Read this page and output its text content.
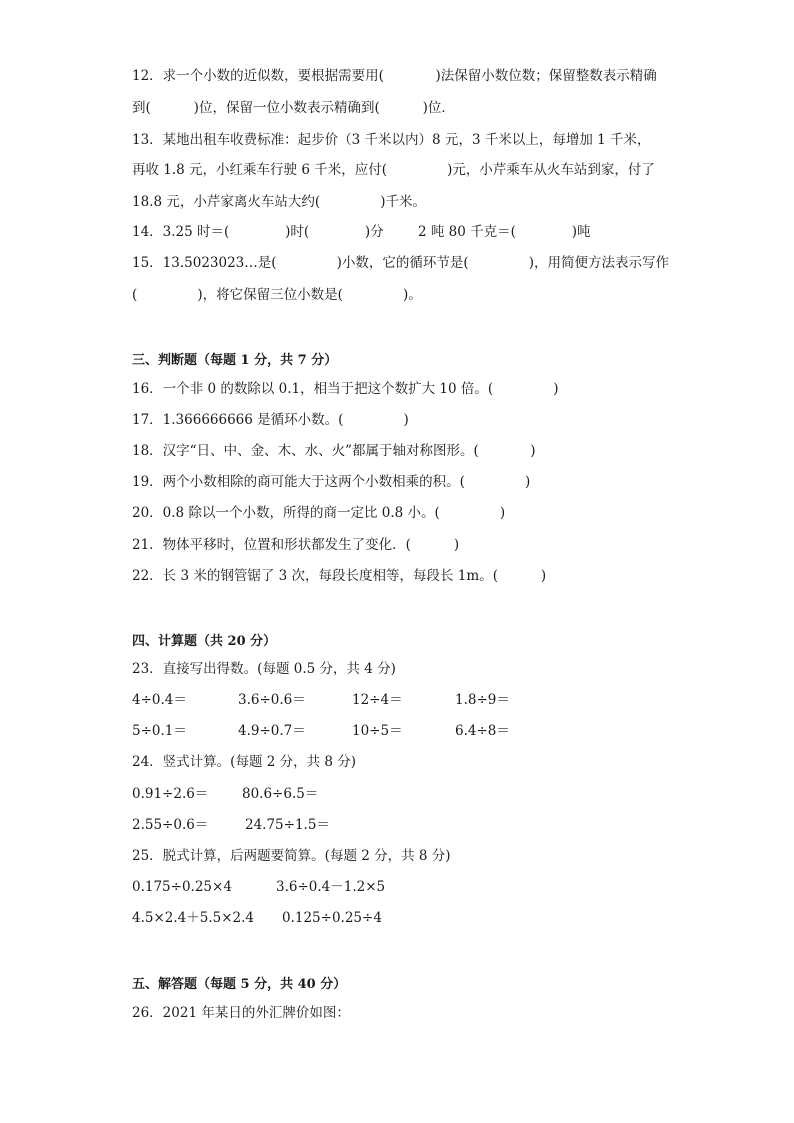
12．求一个小数的近似数，要根据需要用(            )法保留小数位数；保留整数表示精确
到(          )位，保留一位小数表示精确到(          )位．
13．某地出租车收费标准：起步价（3 千米以内）8 元，3 千米以上，每增加 1 千米，
再收 1.8 元，小红乘车行驶 6 千米，应付(              )元，小芹乘车从火车站到家，付了
18.8 元，小芹家离火车站大约(              )千米。
14．3.25 时＝(             )时(             )分        2 吨 80 千克＝(             )吨
15．13.5023023…是(              )小数，它的循环节是(              )，用简便方法表示写作
(              )，将它保留三位小数是(              )。
三、判断题（每题 1 分，共 7 分）
16．一个非 0 的数除以 0.1，相当于把这个数扩大 10 倍。(              )
17．1.366666666 是循环小数。(              )
18．汉字“日、中、金、木、水、火”都属于轴对称图形。(            )
19．两个小数相除的商可能大于这两个小数相乘的积。(              )
20．0.8 除以一个小数，所得的商一定比 0.8 小。(              )
21．物体平移时，位置和形状都发生了变化．(          )
22．长 3 米的钢管锯了 3 次，每段长度相等，每段长 1m。(          )
四、计算题（共 20 分）
23．直接写出得数。(每题 0.5 分，共 4 分)
4÷0.4＝	3.6÷0.6＝	12÷4＝	1.8÷9＝
5÷0.1＝	4.9÷0.7＝	10÷5＝	6.4÷8＝
24．竖式计算。(每题 2 分，共 8 分)
0.91÷2.6＝ 80.6÷6.5＝
2.55÷0.6＝	24.75÷1.5＝
25．脱式计算，后两题要简算。(每题 2 分，共 8 分)
0.175÷0.25×4	3.6÷0.4－1.2×5
4.5×2.4＋5.5×2.4 0.125÷0.25÷4
五、解答题（每题 5 分，共 40 分）
26．2021 年某日的外汇牌价如图：
